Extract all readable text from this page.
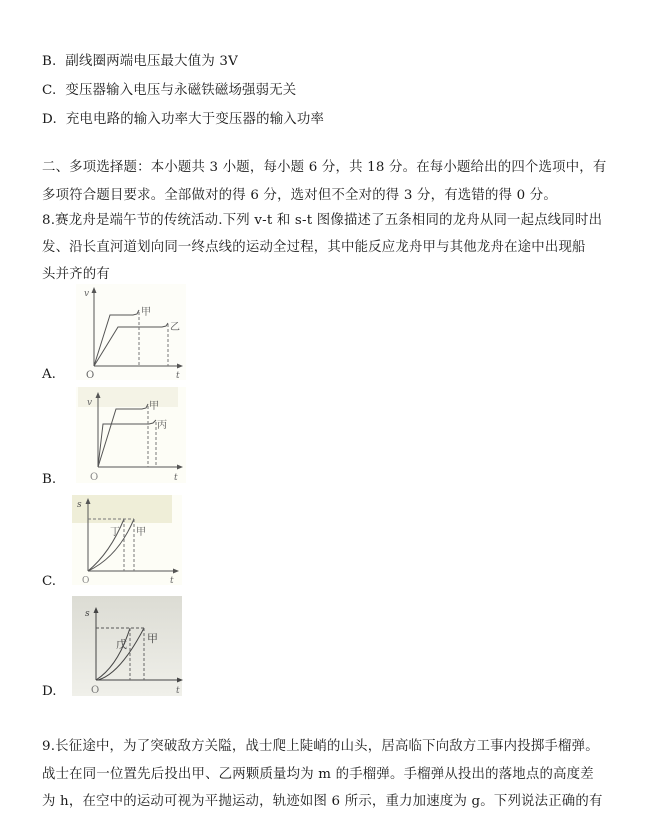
B. 副线圈两端电压最大值为 3V
C. 变压器输入电压与永磁铁磁场强弱无关
D. 充电电路的输入功率大于变压器的输入功率
二、多项选择题：本小题共 3 小题，每小题 6 分，共 18 分。在每小题给出的四个选项中，有
多项符合题目要求。全部做对的得 6 分，选对但不全对的得 3 分，有选错的得 0 分。
8.赛龙舟是端午节的传统活动.下列 v-t 和 s-t 图像描述了五条相同的龙舟从同一起点线同时出
发、沿长直河道划向同一终点线的运动全过程，其中能反应龙舟甲与其他龙舟在途中出现船
头并齐的有
A.
v
t
O
甲
乙
B.
v
t
O
甲
丙
C.
s
t
O
丁 甲
D.
s
t
O
戊 甲
9.长征途中，为了突破敌方关隘，战士爬上陡峭的山头，居高临下向敌方工事内投掷手榴弹。
战士在同一位置先后投出甲、乙两颗质量均为 m 的手榴弹。手榴弹从投出的落地点的高度差
为 h，在空中的运动可视为平抛运动，轨迹如图 6 所示，重力加速度为 g。下列说法正确的有
